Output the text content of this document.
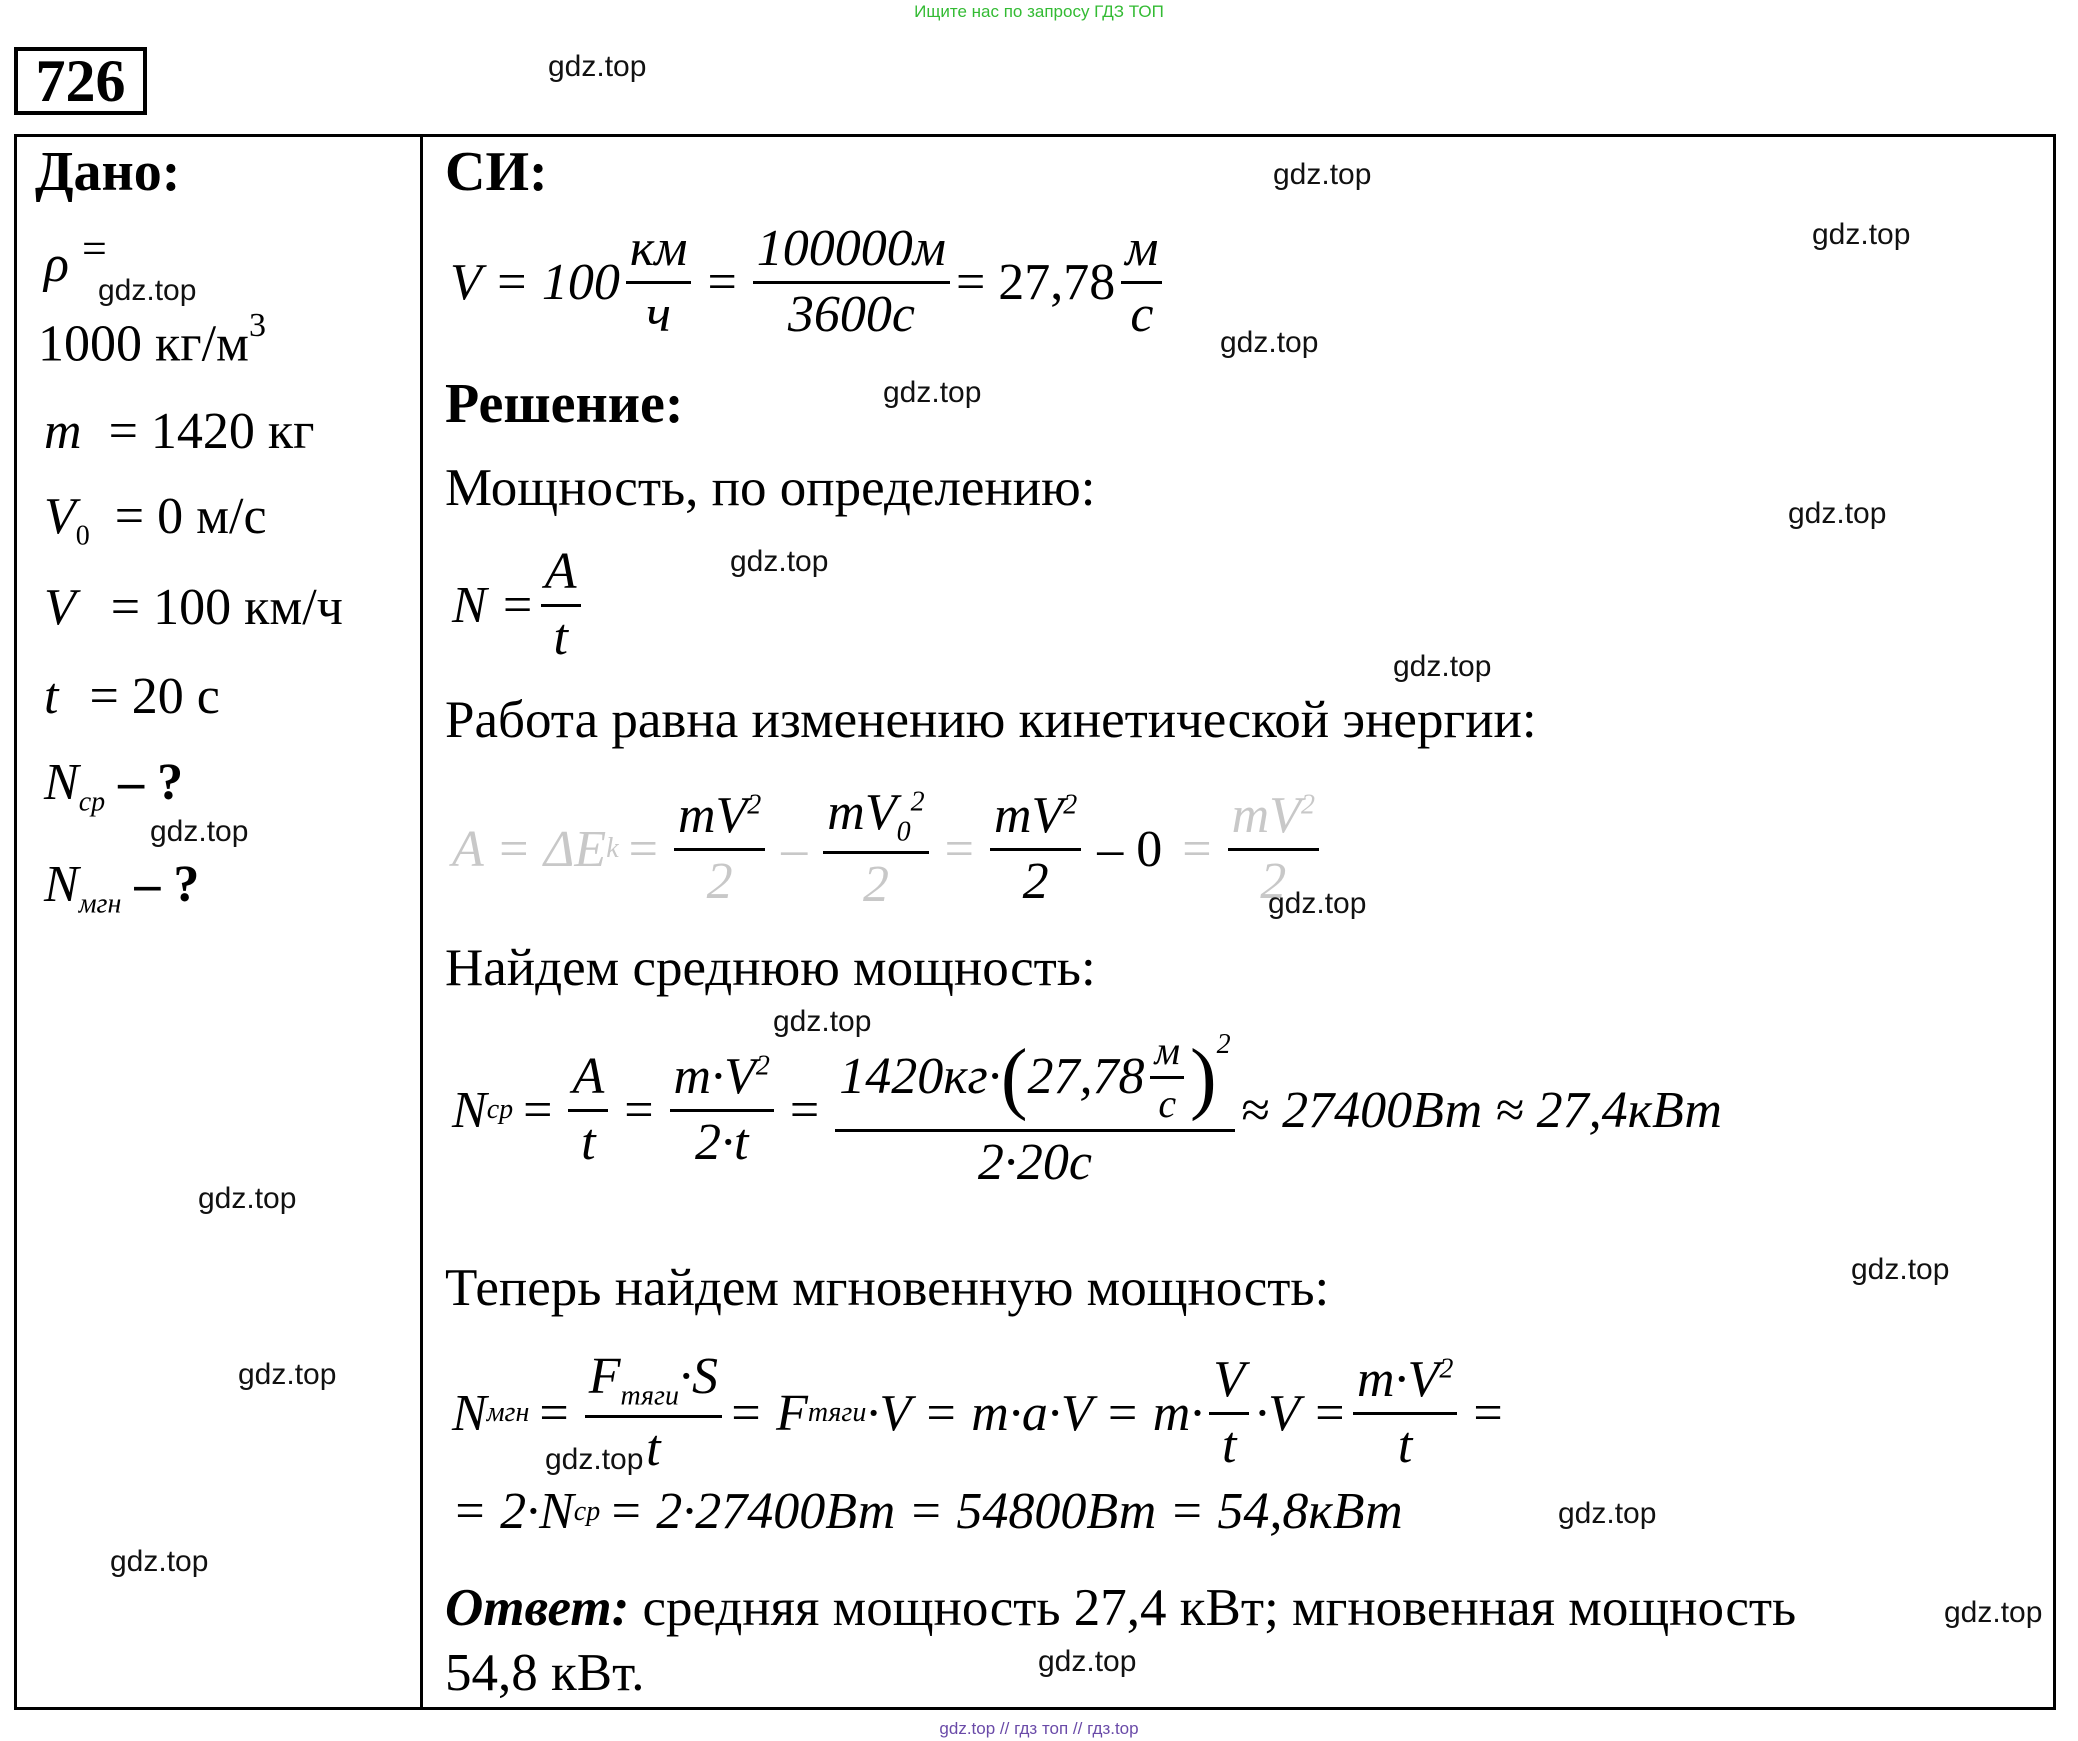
Ищите нас по запросу ГДЗ ТОП
726
Дано:
ρ =
1000 $кг/м^3$
m = 1420 кг
$V_0 = 0$ м/с
V = 100 км/ч
t = 20 с
$N_{ср}$ – ?
$N_{мгн}$ – ?
СИ:
$V = 100 \frac{км}{ч} = \frac{100000м}{3600с} = 27,78 \frac{м}{с}$
Решение:
Мощность, по определению:
$N = \frac{A}{t}$
Работа равна изменению кинетической энергии:
A = ΔE $k = \frac{mV^2}{2} - \frac{mV_0^2}{2} = \frac{mV^2}{2} - 0 = \frac{mV^2}{2}$
Найдем среднюю мощность:
N ср = $\frac{A}{t} = \frac{m\cdot V^2}{2\cdot t} = \frac{1420кг\cdot ( 27,78 \frac{м}{с} )^2}{2\cdot 20с} \approx 27400Вт \approx 27,4кВт$
Теперь найдем мгновенную мощность:
N мгн = $\frac{F_{тяги}\cdot S}{t} = F$ тяги $\cdot V = m\cdot a\cdot V = m\cdot \frac{V}{t} \cdot V = \frac{m\cdot V^2}{t}$ =
= 2·N ср = 2·27400Вт = 54800Вт = 54,8кВт
Ответ: средняя мощность 27,4 кВт; мгновенная мощность
54,8 кВт.
gdz.top
gdz.top
gdz.top
gdz.top
gdz.top
gdz.top
gdz.top
gdz.top
gdz.top
gdz.top
gdz.top
gdz.top
gdz.top
gdz.top
gdz.top
gdz.top
gdz.top
gdz.top
gdz.top
gdz.top
gdz.top // гдз топ // гдз.top
